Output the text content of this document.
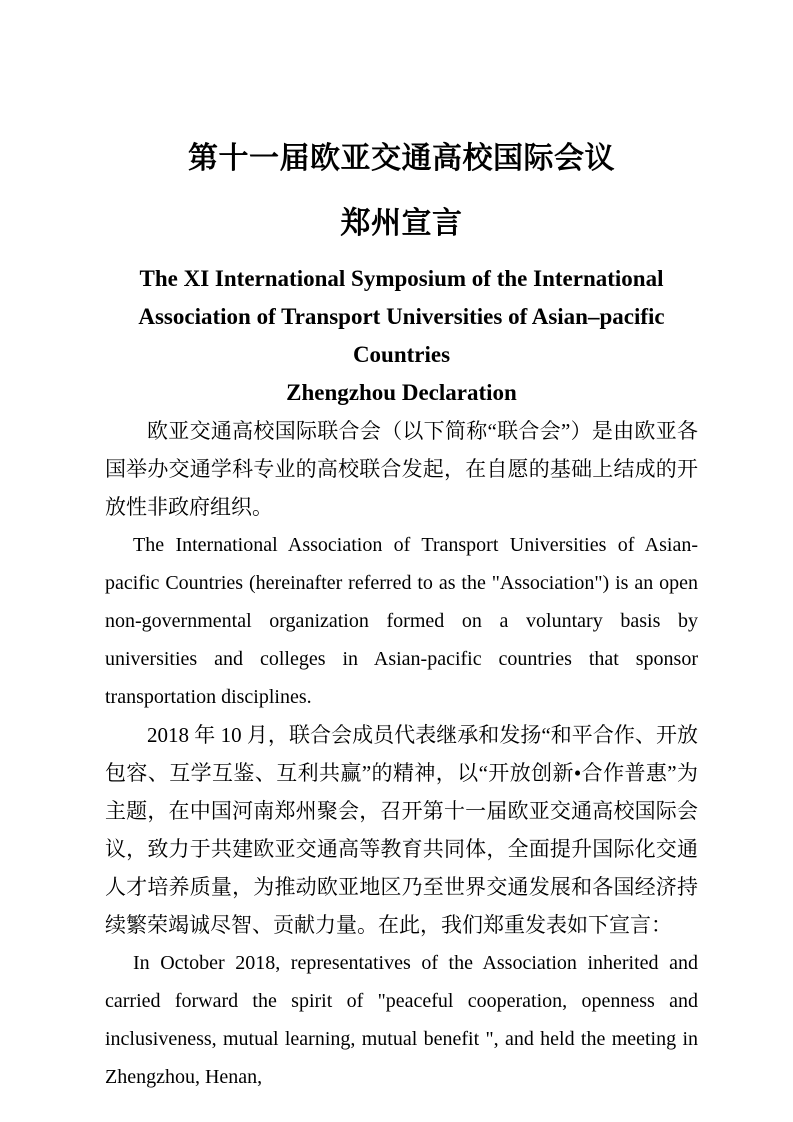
第十一届欧亚交通高校国际会议
郑州宣言
The XI International Symposium of the International
Association of Transport Universities of Asian–pacific Countries
Zhengzhou Declaration

欧亚交通高校国际联合会（以下简称“联合会”）是由欧亚各国举办交通学科专业的高校联合发起，在自愿的基础上结成的开放性非政府组织。

The International Association of Transport Universities of Asian-pacific Countries (hereinafter referred to as the "Association") is an open non-governmental organization formed on a voluntary basis by universities and colleges in Asian-pacific countries that sponsor transportation disciplines.

2018 年 10 月，联合会成员代表继承和发扬“和平合作、开放包容、互学互鉴、互利共赢”的精神，以“开放创新•合作普惠”为主题，在中国河南郑州聚会，召开第十一届欧亚交通高校国际会议，致力于共建欧亚交通高等教育共同体，全面提升国际化交通人才培养质量，为推动欧亚地区乃至世界交通发展和各国经济持续繁荣竭诚尽智、贡献力量。在此，我们郑重发表如下宣言：

In October 2018, representatives of the Association inherited and carried forward the spirit of "peaceful cooperation, openness and inclusiveness, mutual learning, mutual benefit ", and held the meeting in Zhengzhou, Henan,
